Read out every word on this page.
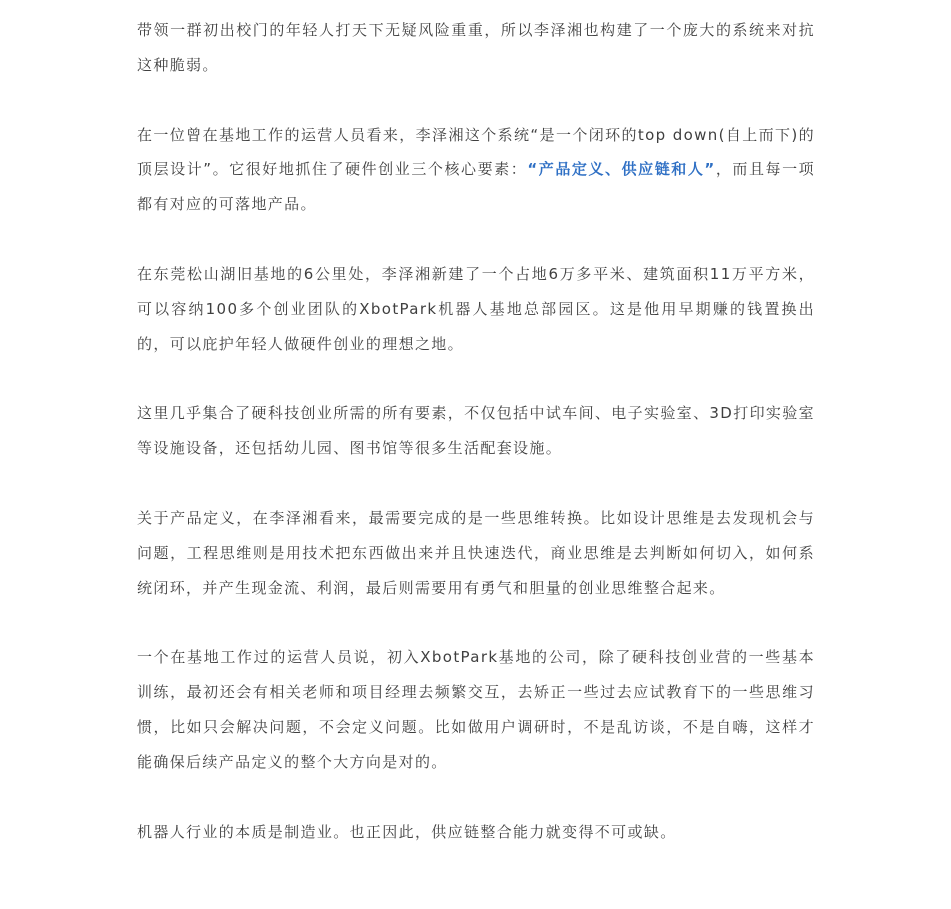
带领一群初出校门的年轻人打天下无疑风险重重，所以李泽湘也构建了一个庞大的系统来对抗这种脆弱。

在一位曾在基地工作的运营人员看来，李泽湘这个系统“是一个闭环的top down(自上而下)的顶层设计”。它很好地抓住了硬件创业三个核心要素：“产品定义、供应链和人”，而且每一项都有对应的可落地产品。

在东莞松山湖旧基地的6公里处，李泽湘新建了一个占地6万多平米、建筑面积11万平方米，可以容纳100多个创业团队的XbotPark机器人基地总部园区。这是他用早期赚的钱置换出的，可以庇护年轻人做硬件创业的理想之地。

这里几乎集合了硬科技创业所需的所有要素，不仅包括中试车间、电子实验室、3D打印实验室等设施设备，还包括幼儿园、图书馆等很多生活配套设施。

关于产品定义，在李泽湘看来，最需要完成的是一些思维转换。比如设计思维是去发现机会与问题，工程思维则是用技术把东西做出来并且快速迭代，商业思维是去判断如何切入，如何系统闭环，并产生现金流、利润，最后则需要用有勇气和胆量的创业思维整合起来。

一个在基地工作过的运营人员说，初入XbotPark基地的公司，除了硬科技创业营的一些基本训练，最初还会有相关老师和项目经理去频繁交互，去矫正一些过去应试教育下的一些思维习惯，比如只会解决问题，不会定义问题。比如做用户调研时，不是乱访谈，不是自嗨，这样才能确保后续产品定义的整个大方向是对的。

机器人行业的本质是制造业。也正因此，供应链整合能力就变得不可或缺。
